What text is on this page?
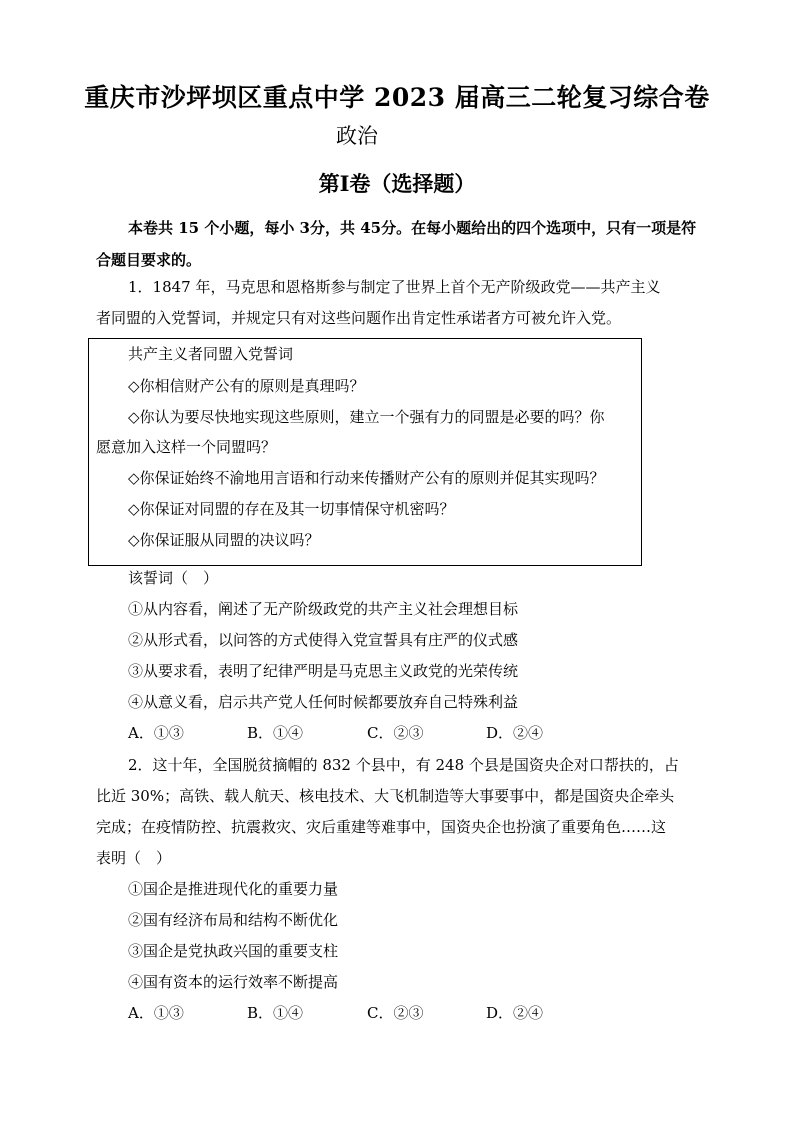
重庆市沙坪坝区重点中学 2023 届高三二轮复习综合卷
政治
第Ⅰ卷（选择题）
本卷共 15 个小题，每小 3分，共 45分。在每小题给出的四个选项中，只有一项是符
合题目要求的。
1．1847 年，马克思和恩格斯参与制定了世界上首个无产阶级政党——共产主义
者同盟的入党誓词，并规定只有对这些问题作出肯定性承诺者方可被允许入党。
共产主义者同盟入党誓词
◇你相信财产公有的原则是真理吗？
◇你认为要尽快地实现这些原则，建立一个强有力的同盟是必要的吗？你
愿意加入这样一个同盟吗？
◇你保证始终不渝地用言语和行动来传播财产公有的原则并促其实现吗？
◇你保证对同盟的存在及其一切事情保守机密吗？
◇你保证服从同盟的决议吗？
该誓词（　）
①从内容看，阐述了无产阶级政党的共产主义社会理想目标
②从形式看，以问答的方式使得入党宣誓具有庄严的仪式感
③从要求看，表明了纪律严明是马克思主义政党的光荣传统
④从意义看，启示共产党人任何时候都要放弃自己特殊利益
A．①③	B．①④	C．②③	D．②④
2．这十年，全国脱贫摘帽的 832 个县中，有 248 个县是国资央企对口帮扶的，占
比近 30%；高铁、载人航天、核电技术、大飞机制造等大事要事中，都是国资央企牵头
完成；在疫情防控、抗震救灾、灾后重建等难事中，国资央企也扮演了重要角色……这
表明（　）
①国企是推进现代化的重要力量
②国有经济布局和结构不断优化
③国企是党执政兴国的重要支柱
④国有资本的运行效率不断提高
A．①③	B．①④	C．②③	D．②④
